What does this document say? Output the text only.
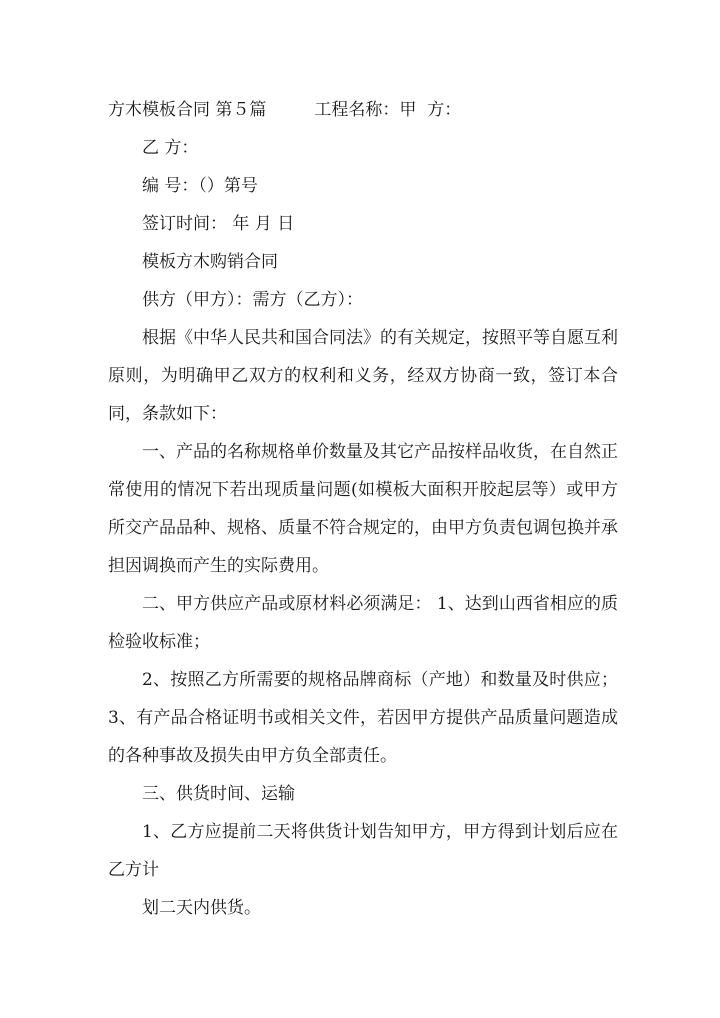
方木模板合同 第５篇	工程名称：甲  方：
乙 方：
编 号：（）第号
签订时间： 年 月 日
模板方木购销合同
供方（甲方）：需方（乙方）：

根据《中华人民共和国合同法》的有关规定，按照平等自愿互利原则，为明确甲乙双方的权利和义务，经双方协商一致，签订本合同，条款如下：

一、产品的名称规格单价数量及其它产品按样品收货，在自然正常使用的情况下若出现质量问题(如模板大面积开胶起层等）或甲方所交产品品种、规格、质量不符合规定的，由甲方负责包调包换并承担因调换而产生的实际费用。

二、甲方供应产品或原材料必须满足： 1、达到山西省相应的质检验收标准；

2、按照乙方所需要的规格品牌商标（产地）和数量及时供应； 3、有产品合格证明书或相关文件，若因甲方提供产品质量问题造成的各种事故及损失由甲方负全部责任。

三、供货时间、运输

1、乙方应提前二天将供货计划告知甲方，甲方得到计划后应在乙方计

划二天内供货。
